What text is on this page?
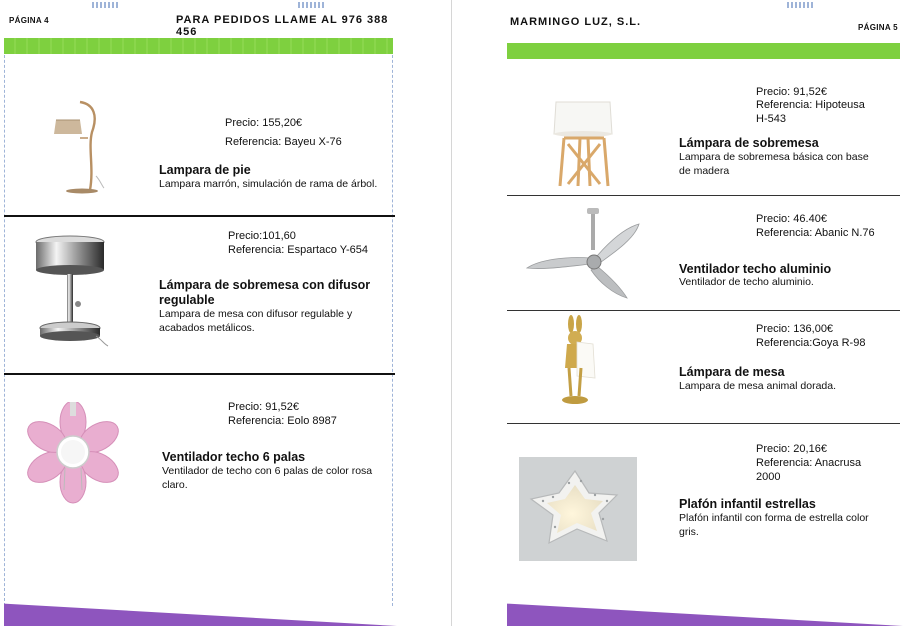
PÁGINA 4	PARA PEDIDOS LLAME AL 976 388 456
Precio: 155,20€
Referencia: Bayeu X-76
Lampara de pie
Lampara marrón, simulación de rama de árbol.
Precio:101,60
Referencia: Espartaco Y-654
Lámpara de sobremesa con difusor regulable
Lampara de mesa con difusor regulable y acabados metálicos.
Precio: 91,52€
Referencia: Eolo 8987
Ventilador techo 6 palas
Ventilador de techo con 6 palas de color rosa claro.
MARMINGO LUZ, S.L.	PÁGINA 5
Precio: 91,52€
Referencia: Hipoteusa H-543
Lámpara de sobremesa
Lampara de sobremesa básica con base de madera
Precio: 46.40€
Referencia: Abanic N.76
Ventilador techo aluminio
Ventilador de techo aluminio.
Precio: 136,00€
Referencia:Goya R-98
Lámpara de mesa
Lampara de mesa animal dorada.
Precio: 20,16€
Referencia: Anacrusa 2000
Plafón infantil estrellas
Plafón infantil con forma de estrella color gris.
